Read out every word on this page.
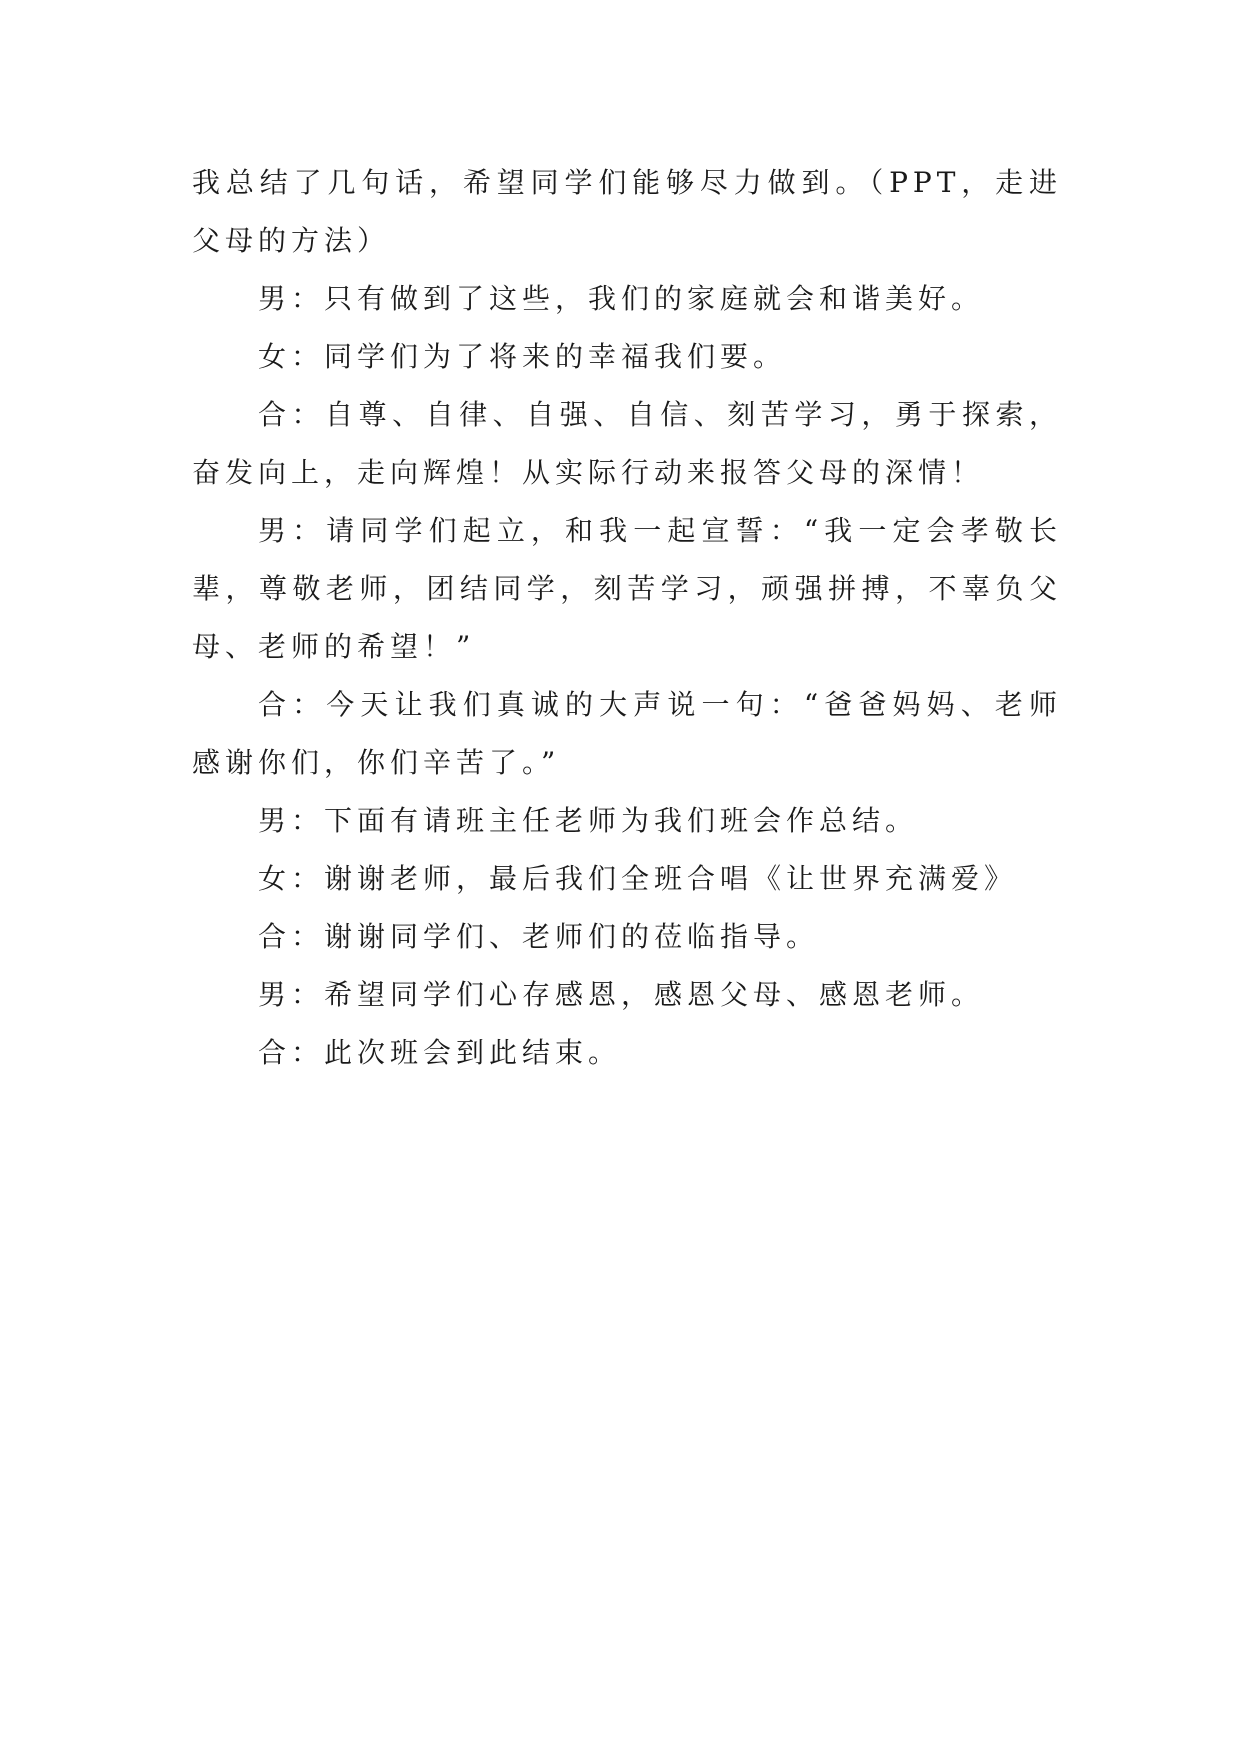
我总结了几句话，希望同学们能够尽力做到。（PPT，走进父母的方法）

男：只有做到了这些，我们的家庭就会和谐美好。

女：同学们为了将来的幸福我们要。

合：自尊、自律、自强、自信、刻苦学习，勇于探索，奋发向上，走向辉煌！从实际行动来报答父母的深情！

男：请同学们起立，和我一起宣誓：“我一定会孝敬长辈，尊敬老师，团结同学，刻苦学习，顽强拼搏，不辜负父母、老师的希望！”

合：今天让我们真诚的大声说一句：“爸爸妈妈、老师感谢你们，你们辛苦了。”

男：下面有请班主任老师为我们班会作总结。

女：谢谢老师，最后我们全班合唱《让世界充满爱》

合：谢谢同学们、老师们的莅临指导。

男：希望同学们心存感恩，感恩父母、感恩老师。

合：此次班会到此结束。
